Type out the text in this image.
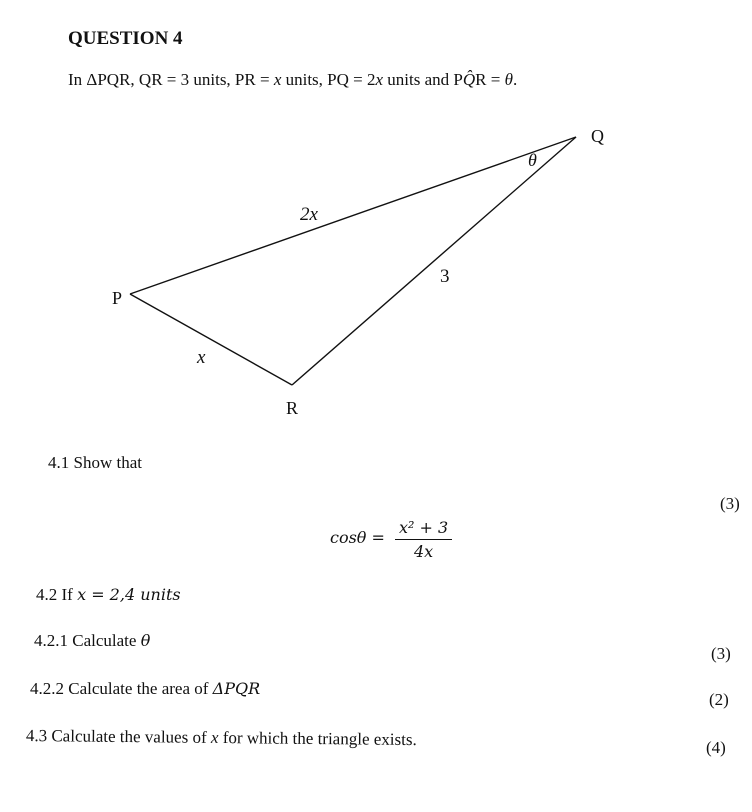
QUESTION 4
In ΔPQR, QR = 3 units, PR = x units, PQ = 2x units and PQ̂R = θ.
P
Q
R
2x
3
x
θ
4.1 Show that
(3)
$\cos\theta = \frac{\text{x² + 3}}{4x}$
4.2 If x = 2,4 units
4.2.1 Calculate θ
(3)
4.2.2 Calculate the area of ΔPQR
(2)
4.3 Calculate the values of x for which the triangle exists.	(4)
